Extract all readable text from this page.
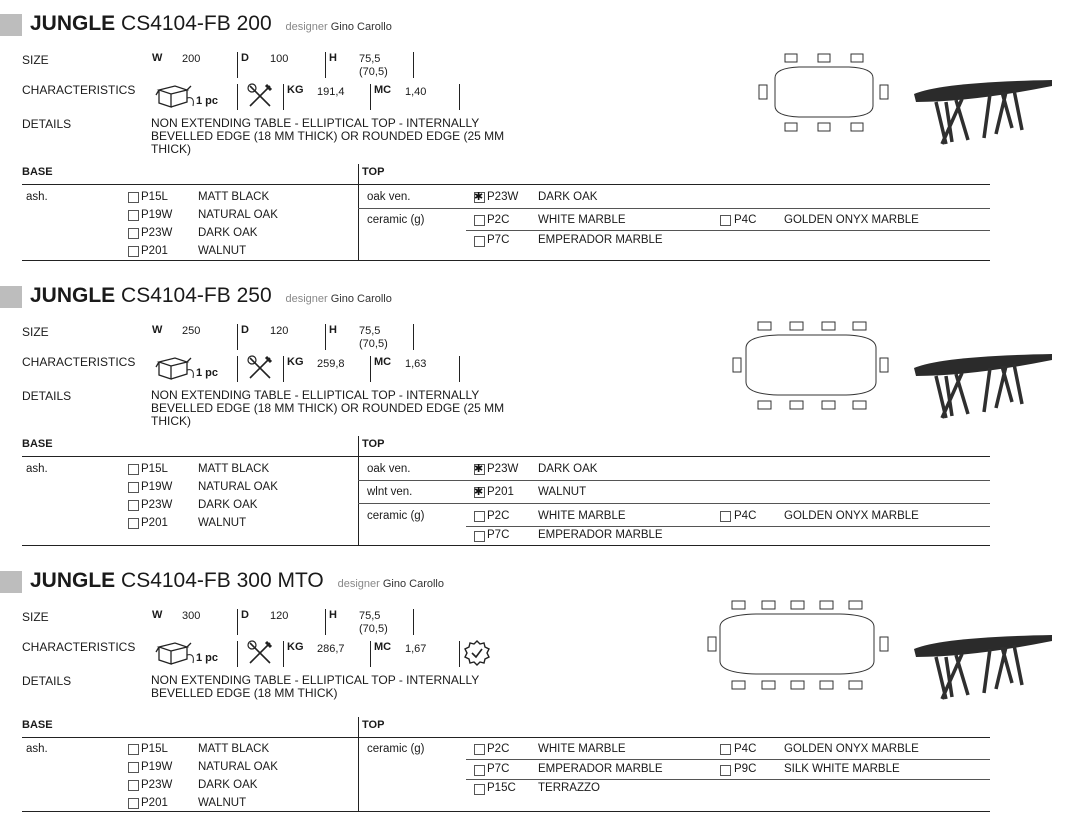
JUNGLE CS4104-FB 200 designer Gino Carollo
SIZE	W 200	D 100	H 75,5
(70,5)
CHARACTERISTICS
1 pc
KG 191,4	MC 1,40
DETAILS	NON EXTENDING TABLE - ELLIPTICAL TOP - INTERNALLY BEVELLED EDGE (18 MM THICK) OR ROUNDED EDGE (25 MM THICK)
BASE	TOP
ash.	P15L	MATT BLACK
P19W NATURAL OAK
P23W DARK OAK
P201	WALNUT
oak ven. ✱	P23W DARK OAK
ceramic (g)	P2C WHITE MARBLE	P4C GOLDEN ONYX MARBLE
P7C EMPERADOR MARBLE
JUNGLE CS4104-FB 250 designer Gino Carollo
SIZE	W 250	D 120	H 75,5
(70,5)
CHARACTERISTICS
1 pc
KG 259,8	MC 1,63
DETAILS	NON EXTENDING TABLE - ELLIPTICAL TOP - INTERNALLY BEVELLED EDGE (18 MM THICK) OR ROUNDED EDGE (25 MM THICK)
BASE	TOP
ash.	P15L	MATT BLACK
P19W NATURAL OAK
P23W DARK OAK
P201	WALNUT
oak ven. ✱	P23W DARK OAK
wlnt ven. ✱	P201 WALNUT
ceramic (g)	P2C WHITE MARBLE	P4C GOLDEN ONYX MARBLE
P7C EMPERADOR MARBLE
JUNGLE CS4104-FB 300 MTO designer Gino Carollo
SIZE	W 300	D 120	H 75,5
(70,5)
CHARACTERISTICS
1 pc
KG 286,7	MC 1,67
DETAILS	NON EXTENDING TABLE - ELLIPTICAL TOP - INTERNALLY BEVELLED EDGE (18 MM THICK)
BASE	TOP
ash.	P15L	MATT BLACK
P19W NATURAL OAK
P23W DARK OAK
P201	WALNUT
ceramic (g)	P2C WHITE MARBLE	P4C GOLDEN ONYX MARBLE
P7C EMPERADOR MARBLE	P9C SILK WHITE MARBLE
P15C TERRAZZO
